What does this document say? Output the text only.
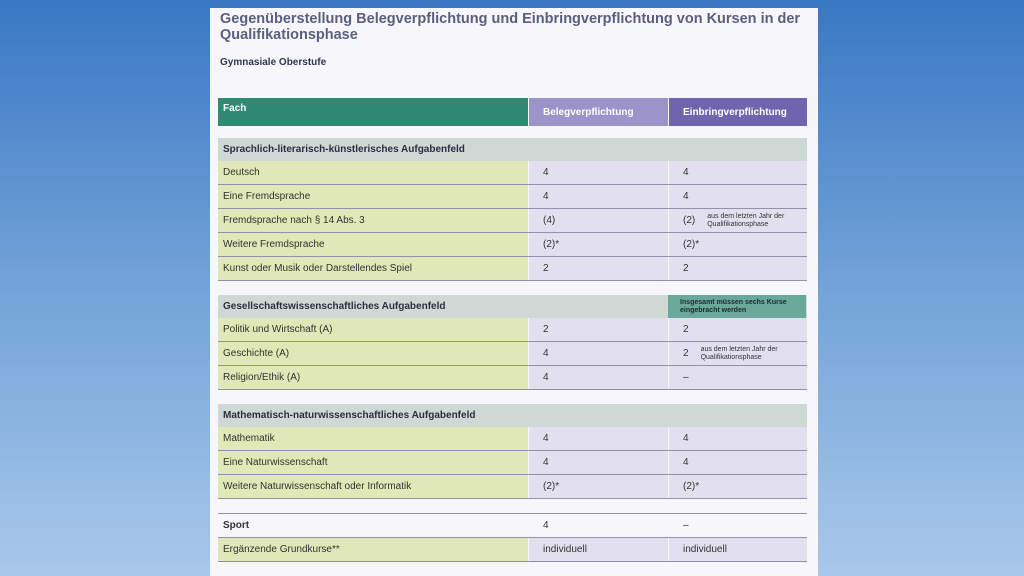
Gegenüberstellung Belegverpflichtung und Einbringverpflichtung von Kursen in der Qualifikationsphase

Gymnasiale Oberstufe

Fach	Belegverpflichtung	Einbringverpflichtung
Sprachlich-literarisch-künstlerisches Aufgabenfeld
Deutsch	4	4
Eine Fremdsprache	4	4
Fremdsprache nach § 14 Abs. 3	(4)	(2) aus dem letzten Jahr der Qualifikationsphase
Weitere Fremdsprache	(2)*	(2)*
Kunst oder Musik oder Darstellendes Spiel	2	2
Gesellschaftswissenschaftliches Aufgabenfeld	Insgesamt müssen sechs Kurse eingebracht werden
Politik und Wirtschaft (A)	2	2
Geschichte (A)	4	2 aus dem letzten Jahr der Qualifikationsphase
Religion/Ethik (A)	4	–
Mathematisch-naturwissenschaftliches Aufgabenfeld
Mathematik	4	4
Eine Naturwissenschaft	4	4
Weitere Naturwissenschaft oder Informatik	(2)*	(2)*
Sport	4	–
Ergänzende Grundkurse**	individuell	individuell
